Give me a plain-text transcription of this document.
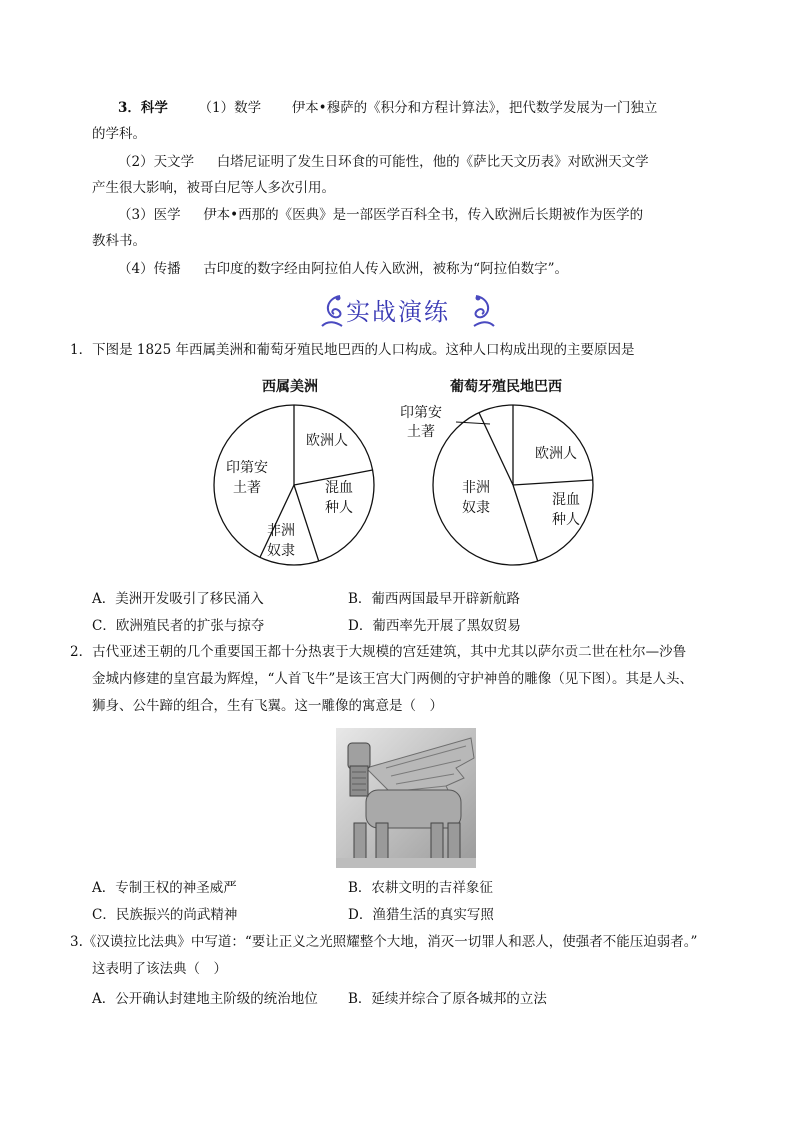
3．科学 （1）数学 伊本•穆萨的《积分和方程计算法》，把代数学发展为一门独立
的学科。
（2）天文学 白塔尼证明了发生日环食的可能性，他的《萨比天文历表》对欧洲天文学
产生很大影响，被哥白尼等人多次引用。
（3）医学 伊本•西那的《医典》是一部医学百科全书，传入欧洲后长期被作为医学的
教科书。
（4）传播 古印度的数字经由阿拉伯人传入欧洲，被称为“阿拉伯数字”。
实战演练
1．下图是 1825 年西属美洲和葡萄牙殖民地巴西的人口构成。这种人口构成出现的主要原因是
西属美洲	葡萄牙殖民地巴西
欧洲人
混血种人
非洲奴隶
印第安土著
欧洲人
混血种人
非洲奴隶
A．美洲开发吸引了移民涌入	B．葡西两国最早开辟新航路
C．欧洲殖民者的扩张与掠夺	D．葡西率先开展了黑奴贸易
2．古代亚述王朝的几个重要国王都十分热衷于大规模的宫廷建筑，其中尤其以萨尔贡二世在杜尔—沙鲁
金城内修建的皇宫最为辉煌，“人首飞牛”是该王宫大门两侧的守护神兽的雕像（见下图）。其是人头、
狮身、公牛蹄的组合，生有飞翼。这一雕像的寓意是（　）
A．专制王权的神圣威严	B．农耕文明的吉祥象征
C．民族振兴的尚武精神	D．渔猎生活的真实写照
3.《汉谟拉比法典》中写道：“要让正义之光照耀整个大地，消灭一切罪人和恶人，使强者不能压迫弱者。”
这表明了该法典（　）
A．公开确认封建地主阶级的统治地位 B．延续并综合了原各城邦的立法
印第安
土著
